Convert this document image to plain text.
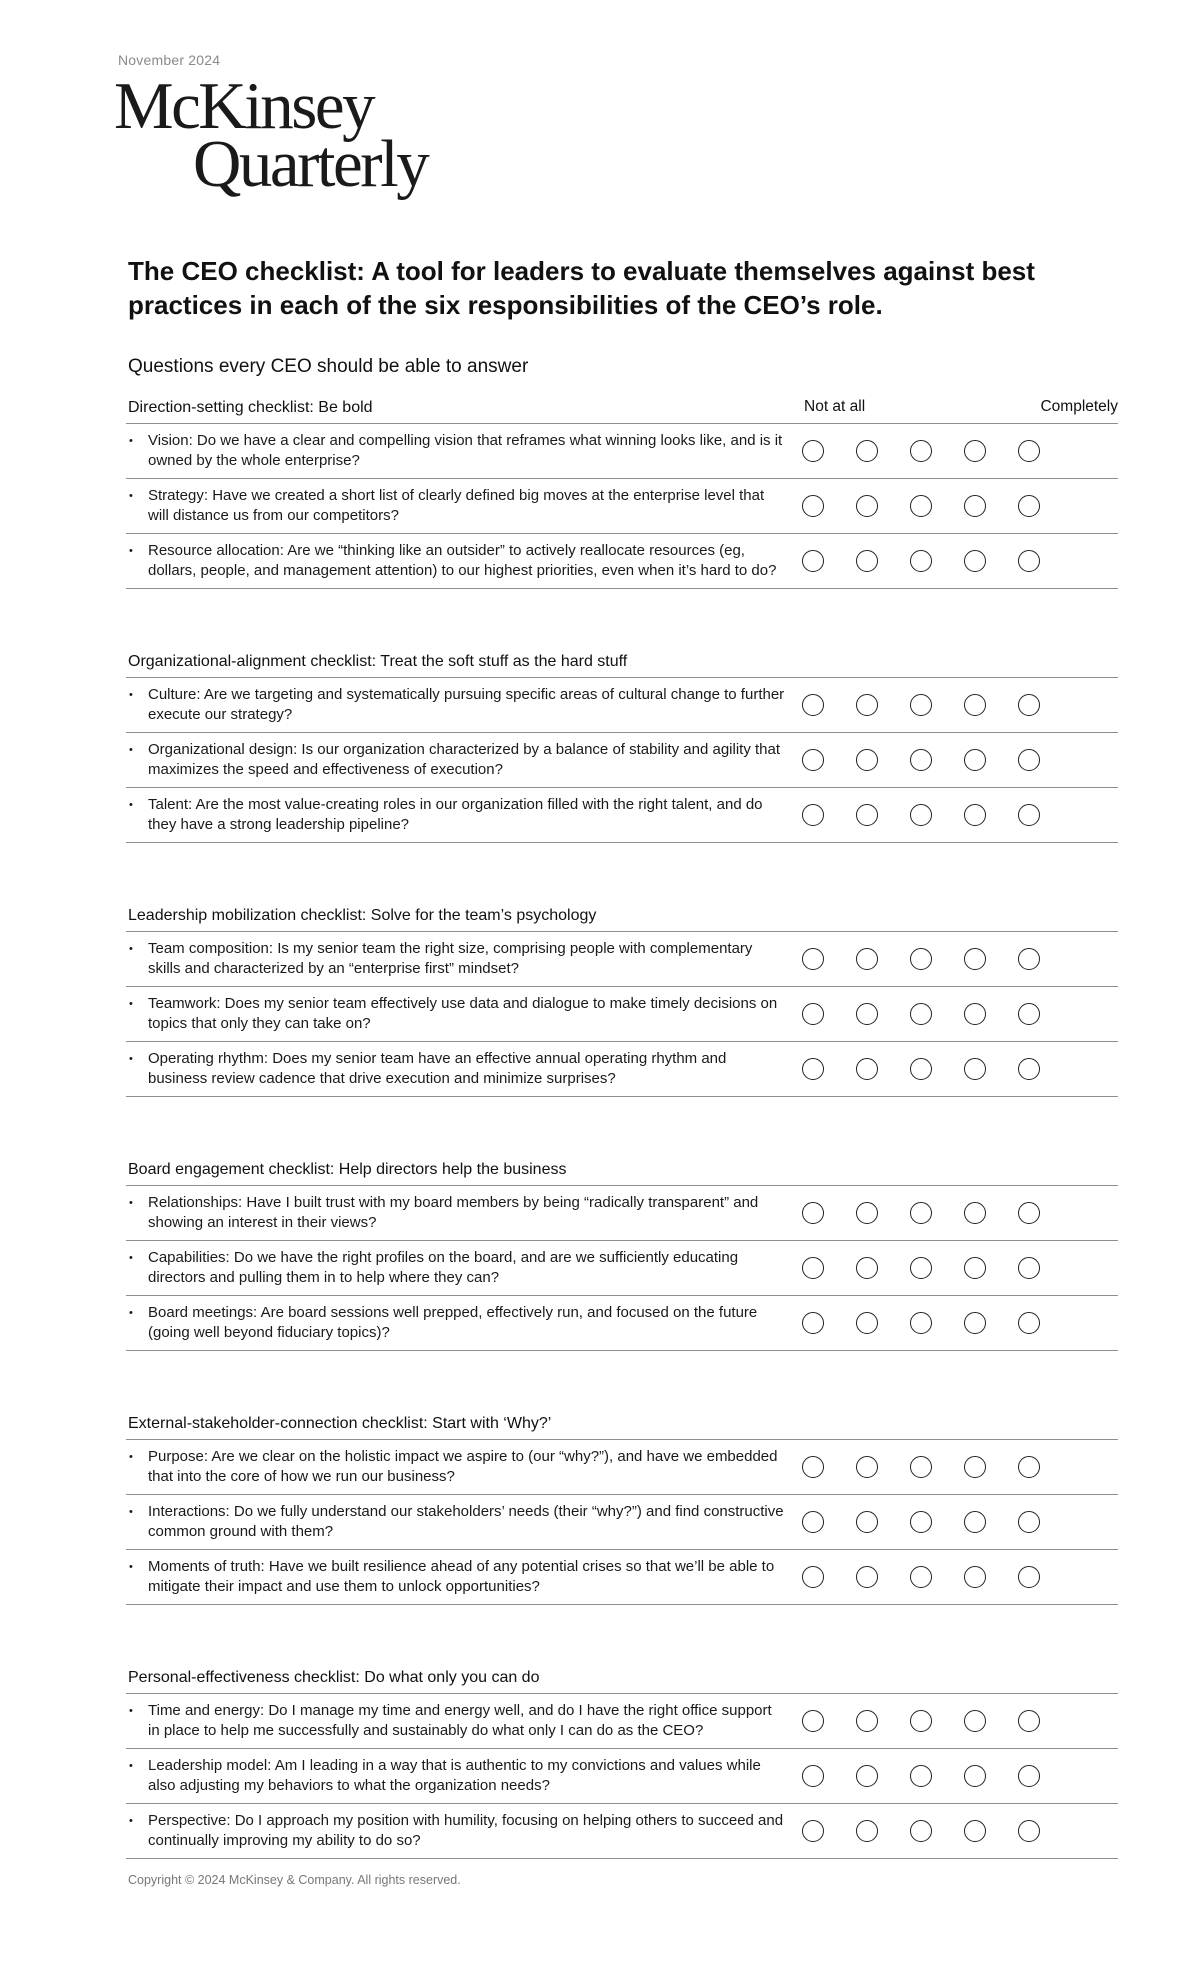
November 2024
McKinsey
Quarterly
The CEO checklist: A tool for leaders to evaluate themselves against best practices in each of the six responsibilities of the CEO’s role.
Questions every CEO should be able to answer
Direction-setting checklist: Be bold	Not at all	Completely
•	Vision: Do we have a clear and compelling vision that reframes what winning looks like, and is it owned by the whole enterprise?
•	Strategy: Have we created a short list of clearly defined big moves at the enterprise level that will distance us from our competitors?
•	Resource allocation: Are we “thinking like an outsider” to actively reallocate resources (eg, dollars, people, and management attention) to our highest priorities, even when it’s hard to do?
Organizational-alignment checklist: Treat the soft stuff as the hard stuff
•	Culture: Are we targeting and systematically pursuing specific areas of cultural change to further execute our strategy?
•	Organizational design: Is our organization characterized by a balance of stability and agility that maximizes the speed and effectiveness of execution?
•	Talent: Are the most value-creating roles in our organization filled with the right talent, and do they have a strong leadership pipeline?
Leadership mobilization checklist: Solve for the team’s psychology
•	Team composition: Is my senior team the right size, comprising people with complementary skills and characterized by an “enterprise first” mindset?
•	Teamwork: Does my senior team effectively use data and dialogue to make timely decisions on topics that only they can take on?
•	Operating rhythm: Does my senior team have an effective annual operating rhythm and business review cadence that drive execution and minimize surprises?
Board engagement checklist: Help directors help the business
•	Relationships: Have I built trust with my board members by being “radically transparent” and showing an interest in their views?
•	Capabilities: Do we have the right profiles on the board, and are we sufficiently educating directors and pulling them in to help where they can?
•	Board meetings: Are board sessions well prepped, effectively run, and focused on the future (going well beyond fiduciary topics)?
External-stakeholder-connection checklist: Start with ‘Why?’
•	Purpose: Are we clear on the holistic impact we aspire to (our “why?”), and have we embedded that into the core of how we run our business?
•	Interactions: Do we fully understand our stakeholders’ needs (their “why?”) and find constructive common ground with them?
•	Moments of truth: Have we built resilience ahead of any potential crises so that we’ll be able to mitigate their impact and use them to unlock opportunities?
Personal-effectiveness checklist: Do what only you can do
•	Time and energy: Do I manage my time and energy well, and do I have the right office support in place to help me successfully and sustainably do what only I can do as the CEO?
•	Leadership model: Am I leading in a way that is authentic to my convictions and values while also adjusting my behaviors to what the organization needs?
•	Perspective: Do I approach my position with humility, focusing on helping others to succeed and continually improving my ability to do so?
Copyright © 2024 McKinsey & Company. All rights reserved.
